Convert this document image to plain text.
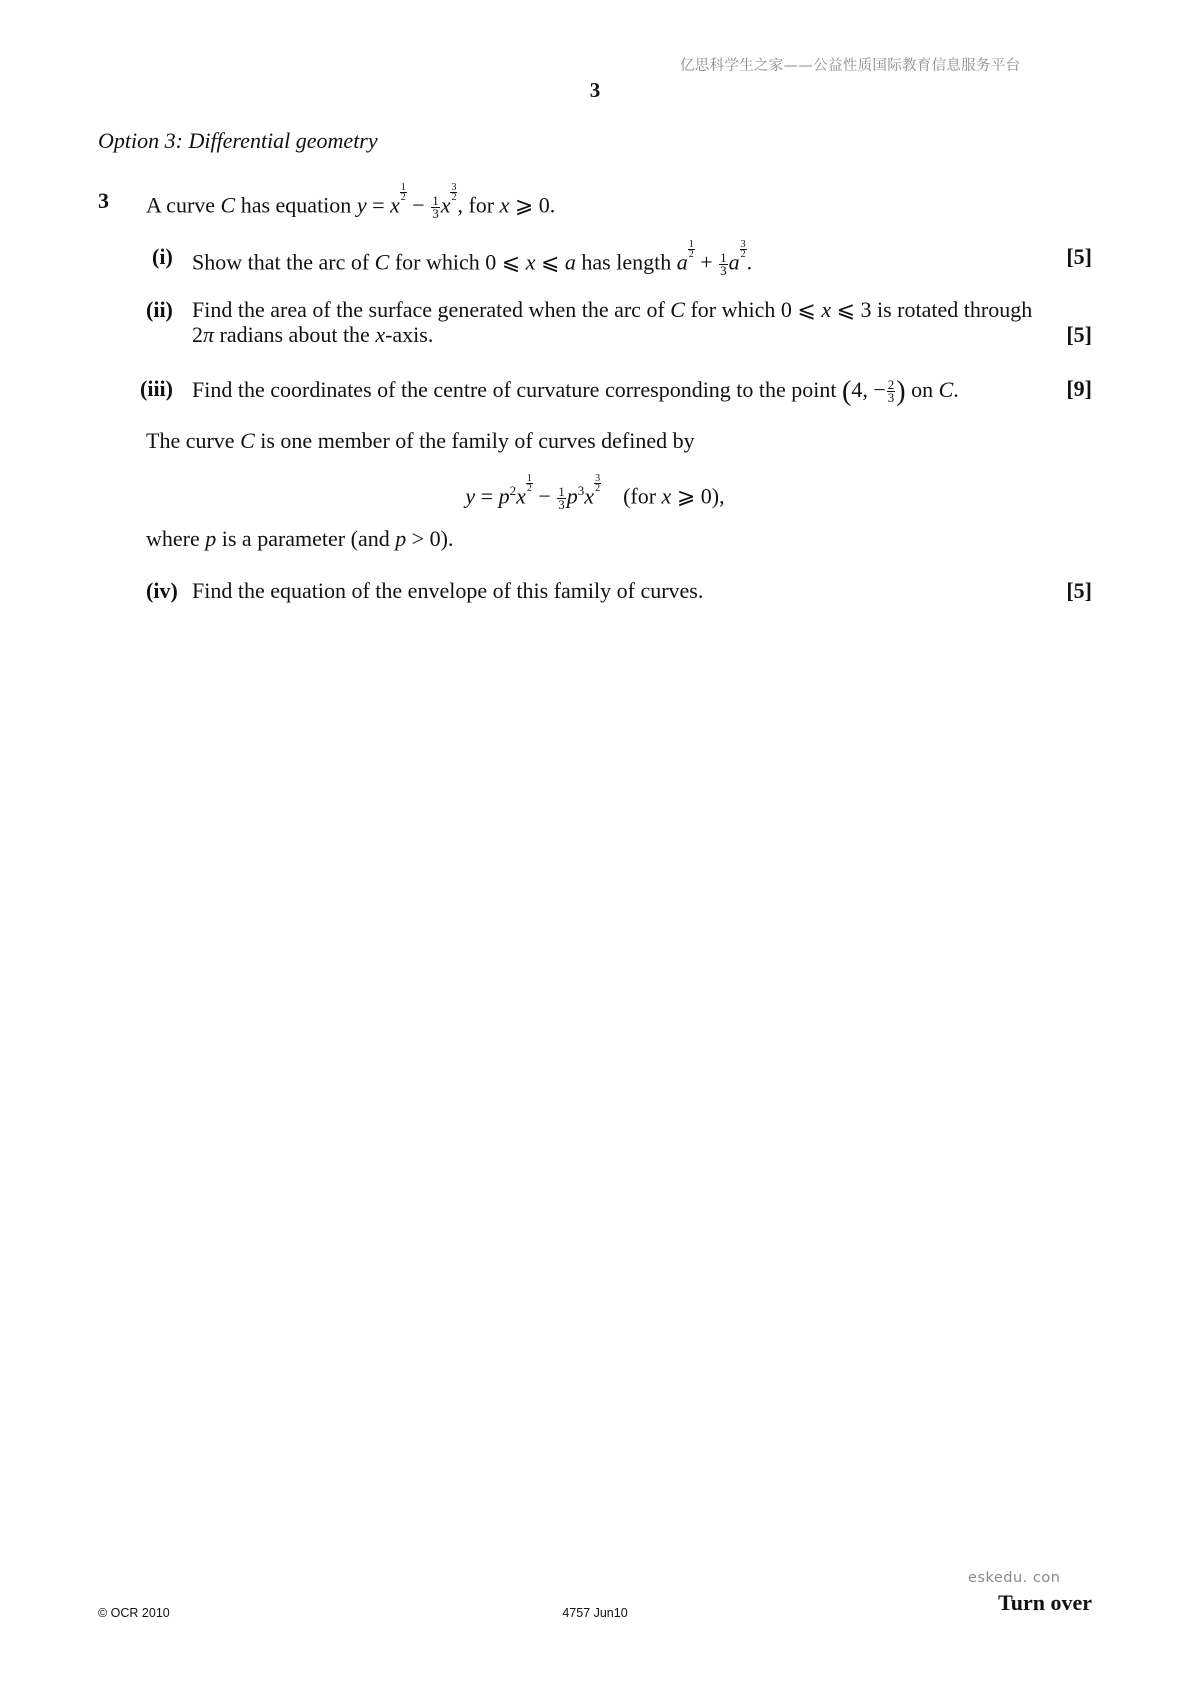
亿思科学生之家——公益性质国际教育信息服务平台
3
Option 3: Differential geometry
3 A curve C has equation y = x $\frac{1}{2} - \frac{1}{3}$ x $\frac{3}{2}$ , for x ⩾ 0.
(i) Show that the arc of C for which 0 ⩽ x ⩽ a has length a $\frac{1}{2} + \frac{1}{3}$ a $\frac{3}{2}$ .	[5]
(ii) Find the area of the surface generated when the arc of C for which 0 ⩽ x ⩽ 3 is rotated through
2π radians about the x-axis.	[5]
(iii) Find the coordinates of the centre of curvature corresponding to the point (4, − $\frac{2}{3}$ ) on C.	[9]
The curve C is one member of the family of curves defined by
$y = p^2x \frac{1}{2} - \frac{1}{3} p^3x \frac{3}{2} (for$ x ⩾ 0),
where p is a parameter (and p > 0).
(iv) Find the equation of the envelope of this family of curves.	[5]
© OCR 2010	4757 Jun10
eskedu. con
Turn over
